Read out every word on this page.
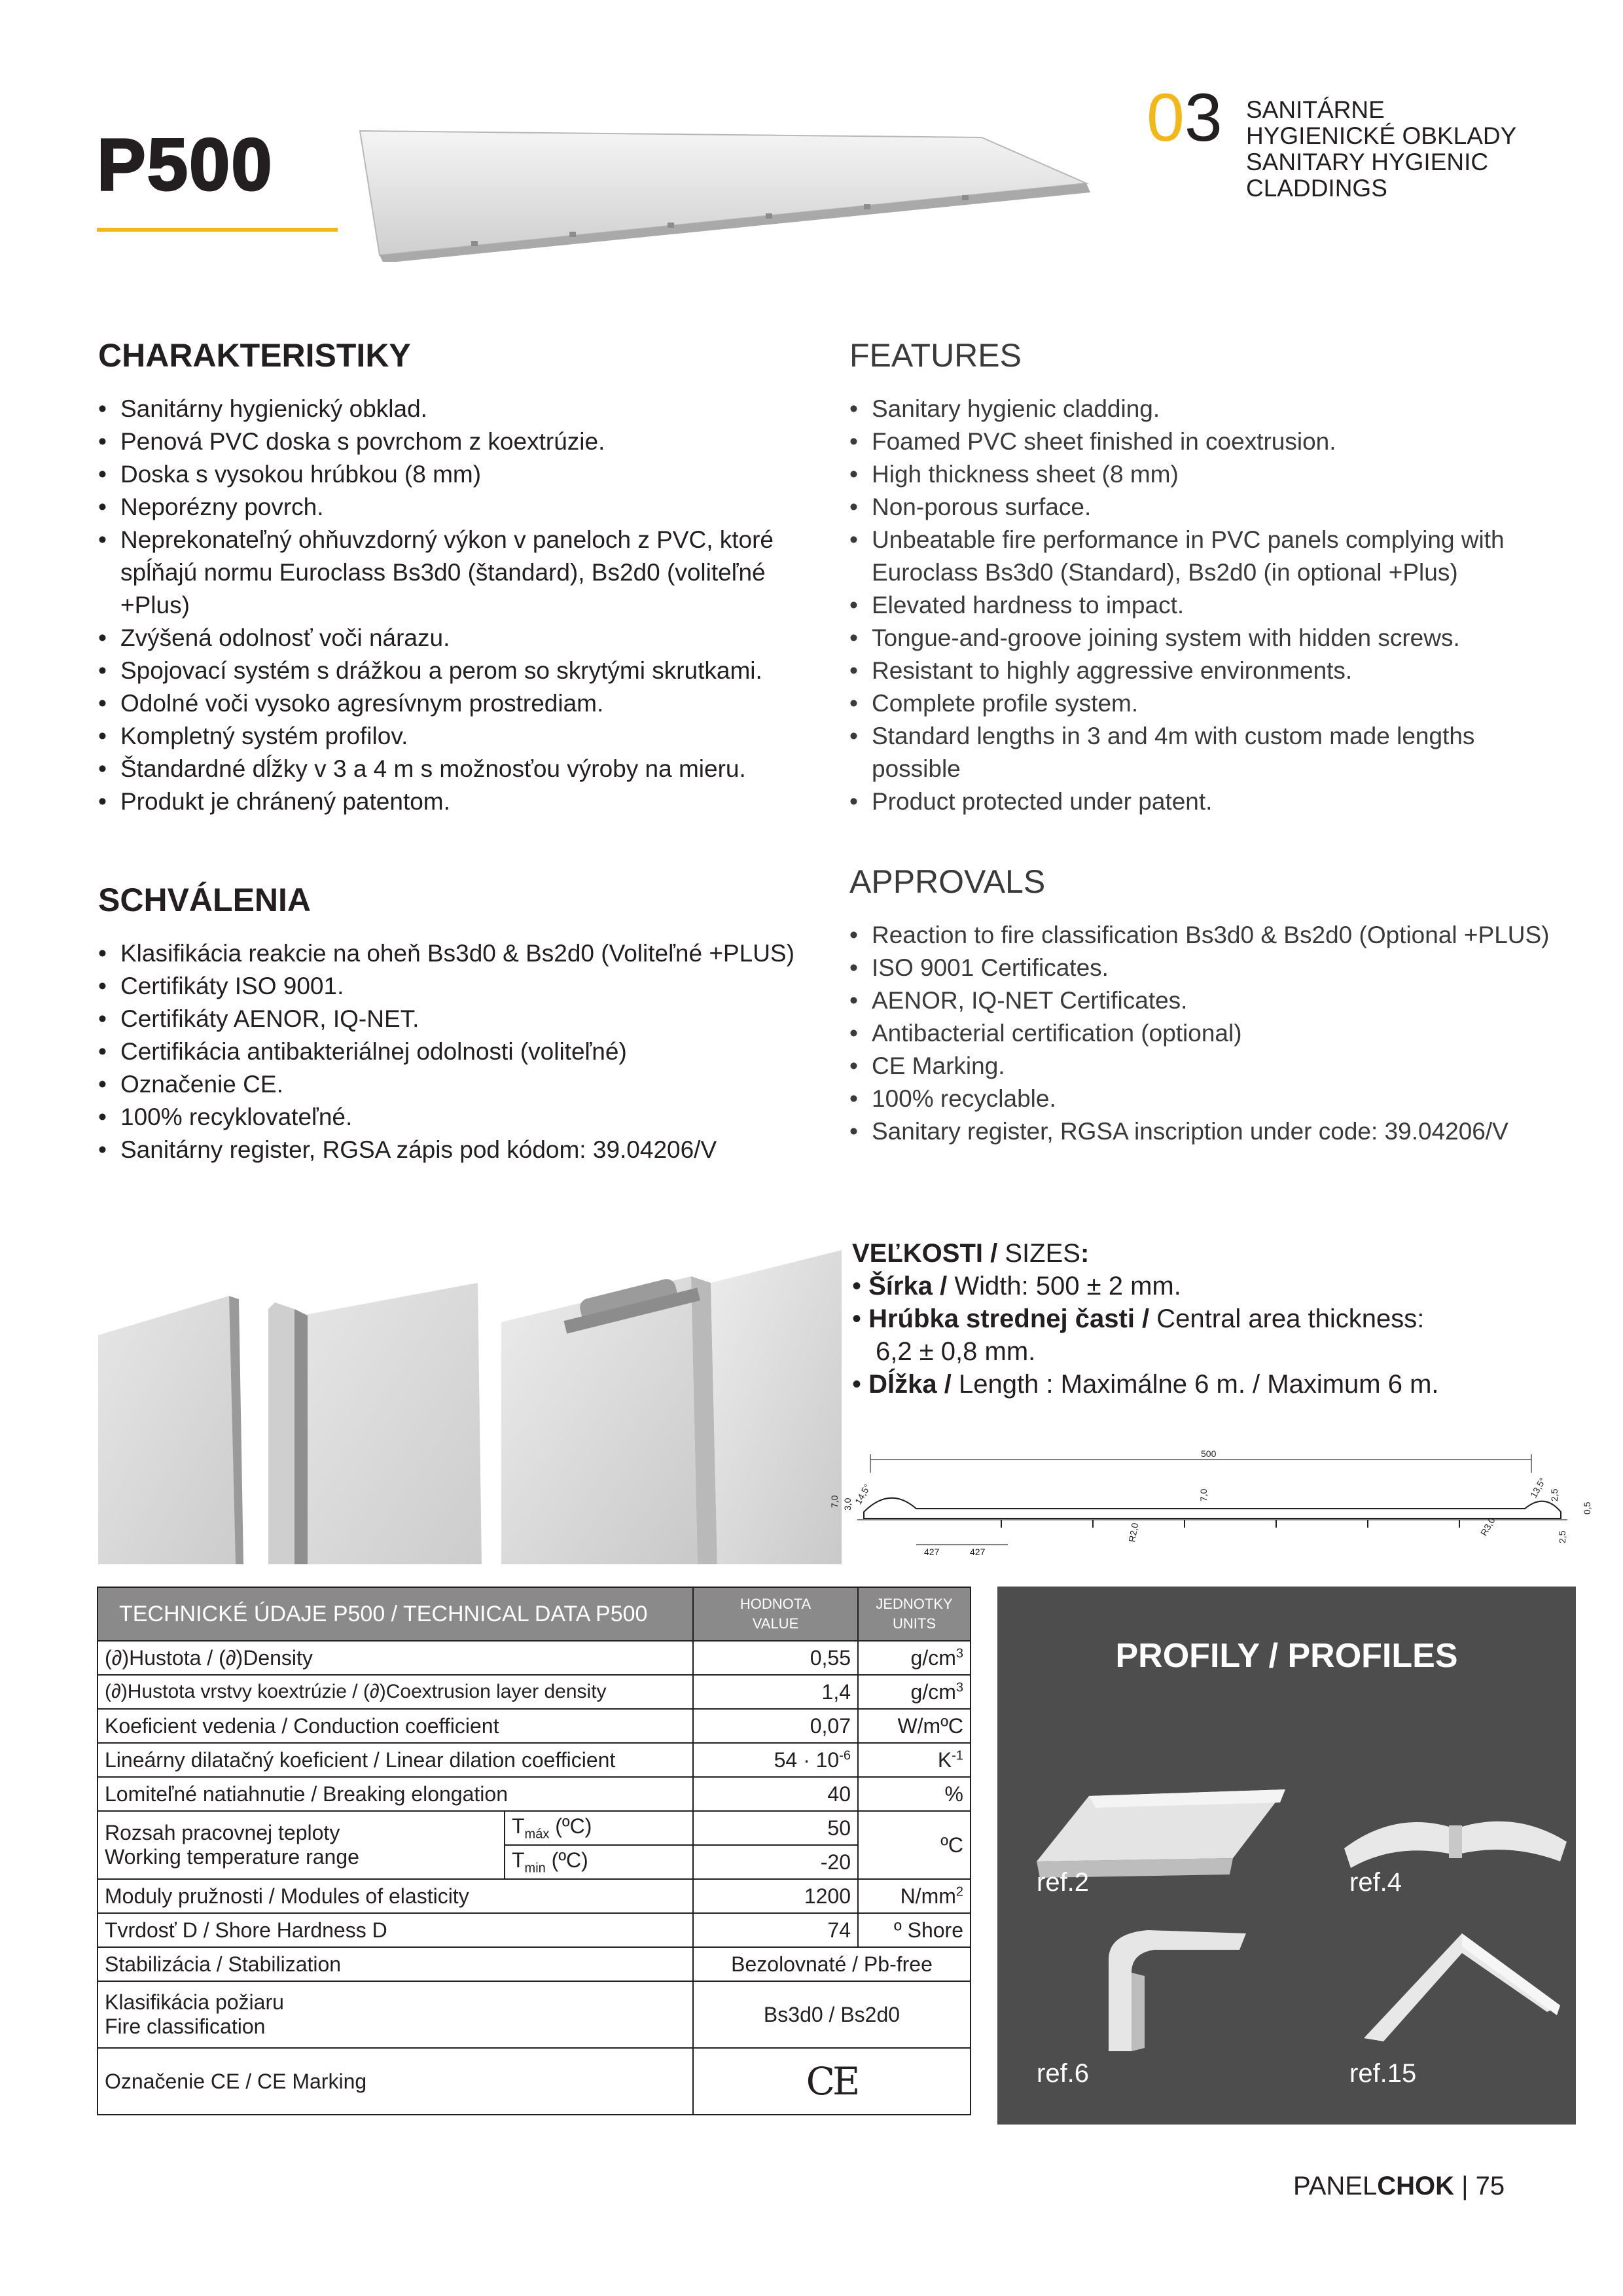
P500
03 SANITÁRNE
HYGIENICKÉ OBKLADY
SANITARY HYGIENIC
CLADDINGS
CHARAKTERISTIKY
• Sanitárny hygienický obklad.
• Penová PVC doska s povrchom z koextrúzie.
• Doska s vysokou hrúbkou (8 mm)
• Neporézny povrch.
• Neprekonateľný ohňuvzdorný výkon v paneloch z PVC, ktoré spĺňajú normu Euroclass Bs3d0 (štandard), Bs2d0 (voliteľné +Plus)
• Zvýšená odolnosť voči nárazu.
• Spojovací systém s drážkou a perom so skrytými skrutkami.
• Odolné voči vysoko agresívnym prostrediam.
• Kompletný systém profilov.
• Štandardné dĺžky v 3 a 4 m s možnosťou výroby na mieru.
• Produkt je chránený patentom.
SCHVÁLENIA
• Klasifikácia reakcie na oheň Bs3d0 & Bs2d0 (Voliteľné +PLUS)
• Certifikáty ISO 9001.
• Certifikáty AENOR, IQ-NET.
• Certifikácia antibakteriálnej odolnosti (voliteľné)
• Označenie CE.
• 100% recyklovateľné.
• Sanitárny register, RGSA zápis pod kódom: 39.04206/V
FEATURES
• Sanitary hygienic cladding.
• Foamed PVC sheet finished in coextrusion.
• High thickness sheet (8 mm)
• Non-porous surface.
• Unbeatable fire performance in PVC panels complying with Euroclass Bs3d0 (Standard), Bs2d0 (in optional +Plus)
• Elevated hardness to impact.
• Tongue-and-groove joining system with hidden screws.
• Resistant to highly aggressive environments.
• Complete profile system.
• Standard lengths in 3 and 4m with custom made lengths possible
• Product protected under patent.
APPROVALS
• Reaction to fire classification Bs3d0 & Bs2d0 (Optional +PLUS)
• ISO 9001 Certificates.
• AENOR, IQ-NET Certificates.
• Antibacterial certification (optional)
• CE Marking.
• 100% recyclable.
• Sanitary register, RGSA inscription under code: 39.04206/V
VEĽKOSTI / SIZES:
• Šírka / Width: 500 ± 2 mm.
• Hrúbka strednej časti / Central area thickness:
6,2 ± 0,8 mm.
• Dĺžka / Length : Maximálne 6 m. / Maximum 6 m.
500
427	427
7,0 3,0 14,5°	7,0
R2,0
13,5° 2,5
0,5
R3,0	2,5
TECHNICKÉ ÚDAJE P500 / TECHNICAL DATA P500		HODNOTA
VALUE	JEDNOTKY
UNITS
(∂)Hustota / (∂)Density		0,55	$g/cm^3$
(∂)Hustota vrstvy koextrúzie / (∂)Coextrusion layer density		1,4	$g/cm^3$
Koeficient vedenia / Conduction coefficient		0,07	W/mºC
Lineárny dilatačný koeficient / Linear dilation coefficient		$54 \cdot 10^{-6}$	$K^{-1}$
Lomiteľné natiahnutie / Breaking elongation		40	%
Rozsah pracovnej teploty
Working temperature range	$T_{máx}$ (ºC)	50	ºC
	$T_{min}$ (ºC)	-20	
Moduly pružnosti / Modules of elasticity		1200	$N/mm^2$
Tvrdosť D / Shore Hardness D		74	º Shore
Stabilizácia / Stabilization		Bezolovnaté / Pb-free	
Klasifikácia požiaru
Fire classification		Bs3d0 / Bs2d0	
Označenie CE / CE Marking		CE	
PROFILY / PROFILES
ref.2	ref.4
ref.6	ref.15
PANELCHOK | 75
